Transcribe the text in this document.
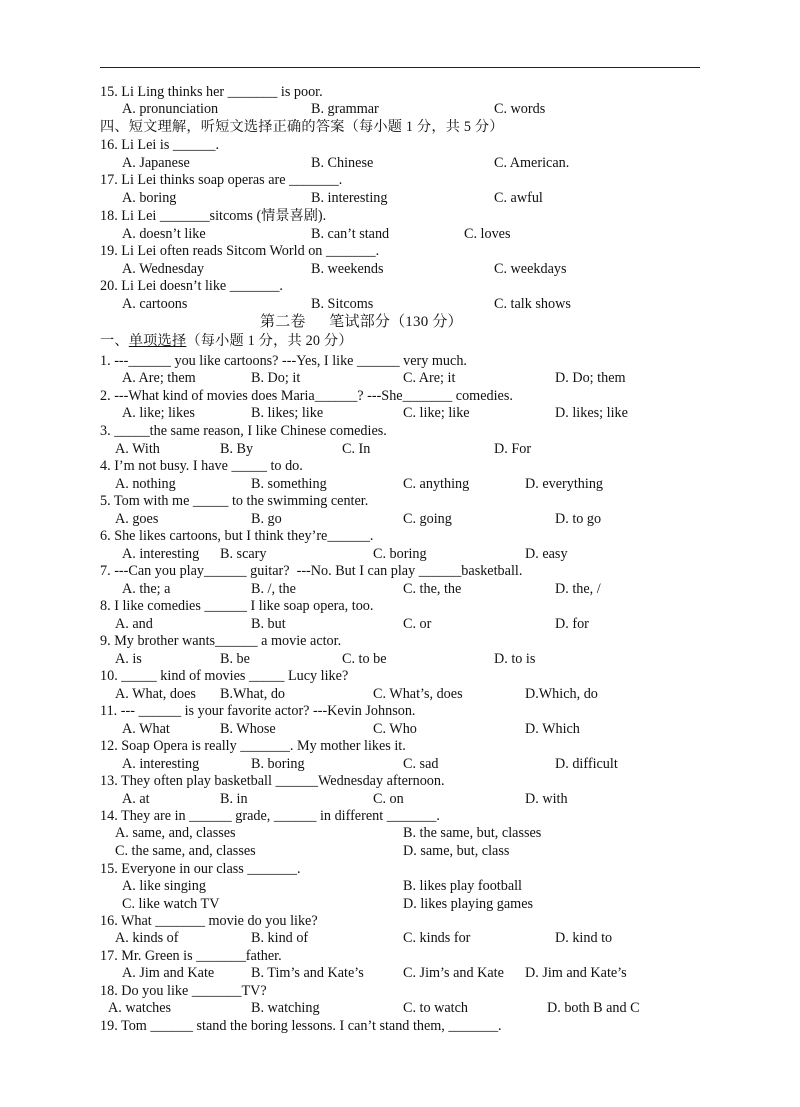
15. Li Ling thinks her _______ is poor.
A. pronunciation	B. grammar	C. words
四、短文理解，听短文选择正确的答案（每小题 1 分，共 5 分）
16. Li Lei is ______.
A. Japanese	B. Chinese	C. American.
17. Li Lei thinks soap operas are _______.
A. boring	B. interesting	C. awful
18. Li Lei _______sitcoms (情景喜剧).
A. doesn’t like	B. can’t stand	C. loves
19. Li Lei often reads Sitcom World on _______.
A. Wednesday	B. weekends	C. weekdays
20. Li Lei doesn’t like _______.
A. cartoons	B. Sitcoms	C. talk shows
第二卷      笔试部分（130 分）
一、单项选择（每小题 1 分，共 20 分）
1. ---______ you like cartoons? ---Yes, I like ______ very much.
A. Are; them	B. Do; it	C. Are; it	D. Do; them
2. ---What kind of movies does Maria______? ---She_______ comedies.
A. like; likes	B. likes; like	C. like; like	D. likes; like
3. _____the same reason, I like Chinese comedies.
A. With	B. By	C. In	D. For
4. I’m not busy. I have _____ to do.
A. nothing	B. something	C. anything	D. everything
5. Tom with me _____ to the swimming center.
A. goes	B. go	C. going	D. to go
6. She likes cartoons, but I think they’re______.
A. interesting B. scary	C. boring	D. easy
7. ---Can you play______ guitar?  ---No. But I can play ______basketball.
A. the; a	B. /, the	C. the, the	D. the, /
8. I like comedies ______ I like soap opera, too.
A. and	B. but	C. or	D. for
9. My brother wants______ a movie actor.
A. is	B. be	C. to be	D. to is
10. _____ kind of movies _____ Lucy like?
A. What, does B.What, do	C. What’s, does	D.Which, do
11. --- ______ is your favorite actor? ---Kevin Johnson.
A. What	B. Whose	C. Who	D. Which
12. Soap Opera is really _______. My mother likes it.
A. interesting	B. boring	C. sad	D. difficult
13. They often play basketball ______Wednesday afternoon.
A. at	B. in	C. on	D. with
14. They are in ______ grade, ______ in different _______.
A. same, and, classes	B. the same, but, classes
C. the same, and, classes	D. same, but, class
15. Everyone in our class _______.
A. like singing	B. likes play football
C. like watch TV	D. likes playing games
16. What _______ movie do you like?
A. kinds of	B. kind of	C. kinds for	D. kind to
17. Mr. Green is _______father.
A. Jim and Kate	B. Tim’s and Kate’s	C. Jim’s and Kate D. Jim and Kate’s
18. Do you like _______TV?
A. watches	B. watching	C. to watch	D. both B and C
19. Tom ______ stand the boring lessons. I can’t stand them, _______.
